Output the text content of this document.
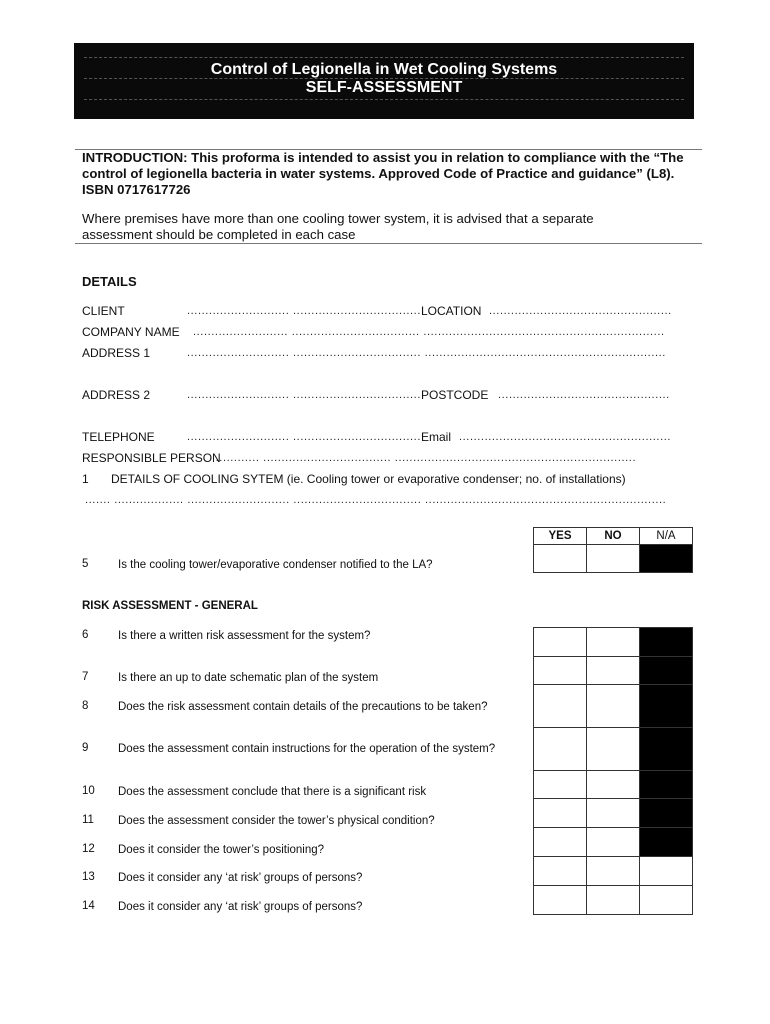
Control of Legionella in Wet Cooling Systems
SELF-ASSESSMENT
INTRODUCTION: This proforma is intended to assist you in relation to compliance with the “The control of legionella bacteria in water systems. Approved Code of Practice and guidance” (L8). ISBN 0717617726
Where premises have more than one cooling tower system, it is advised that a separate
assessment should be completed in each case
DETAILS
CLIENT	............................ ................................... LOCATION ..................................................
COMPANY NAME .......................... ................................... ..................................................................
ADDRESS 1	............................ ................................... ..................................................................
ADDRESS 2	............................ ................................... POSTCODE ...............................................
TELEPHONE	............................ ................................... Email ..........................................................
RESPONSIBLE PERSON
............. ................................... ..................................................................
1 DETAILS OF COOLING SYTEM (ie. Cooling tower or evaporative condenser; no. of installations)
....... ................... ............................ ................................... ..................................................................
YES	NO	N/A

5	Is the cooling tower/evaporative condenser notified to the LA?
RISK ASSESSMENT - GENERAL
6	Is there a written risk assessment for the system?
7	Is there an up to date schematic plan of the system
8	Does the risk assessment contain details of the precautions to be taken?
9	Does the assessment contain instructions for the operation of the system?
10 Does the assessment conclude that there is a significant risk
11 Does the assessment consider the tower’s physical condition?
12 Does it consider the tower’s positioning?
13 Does it consider any ‘at risk’ groups of persons?
14 Does it consider any ‘at risk’ groups of persons?
